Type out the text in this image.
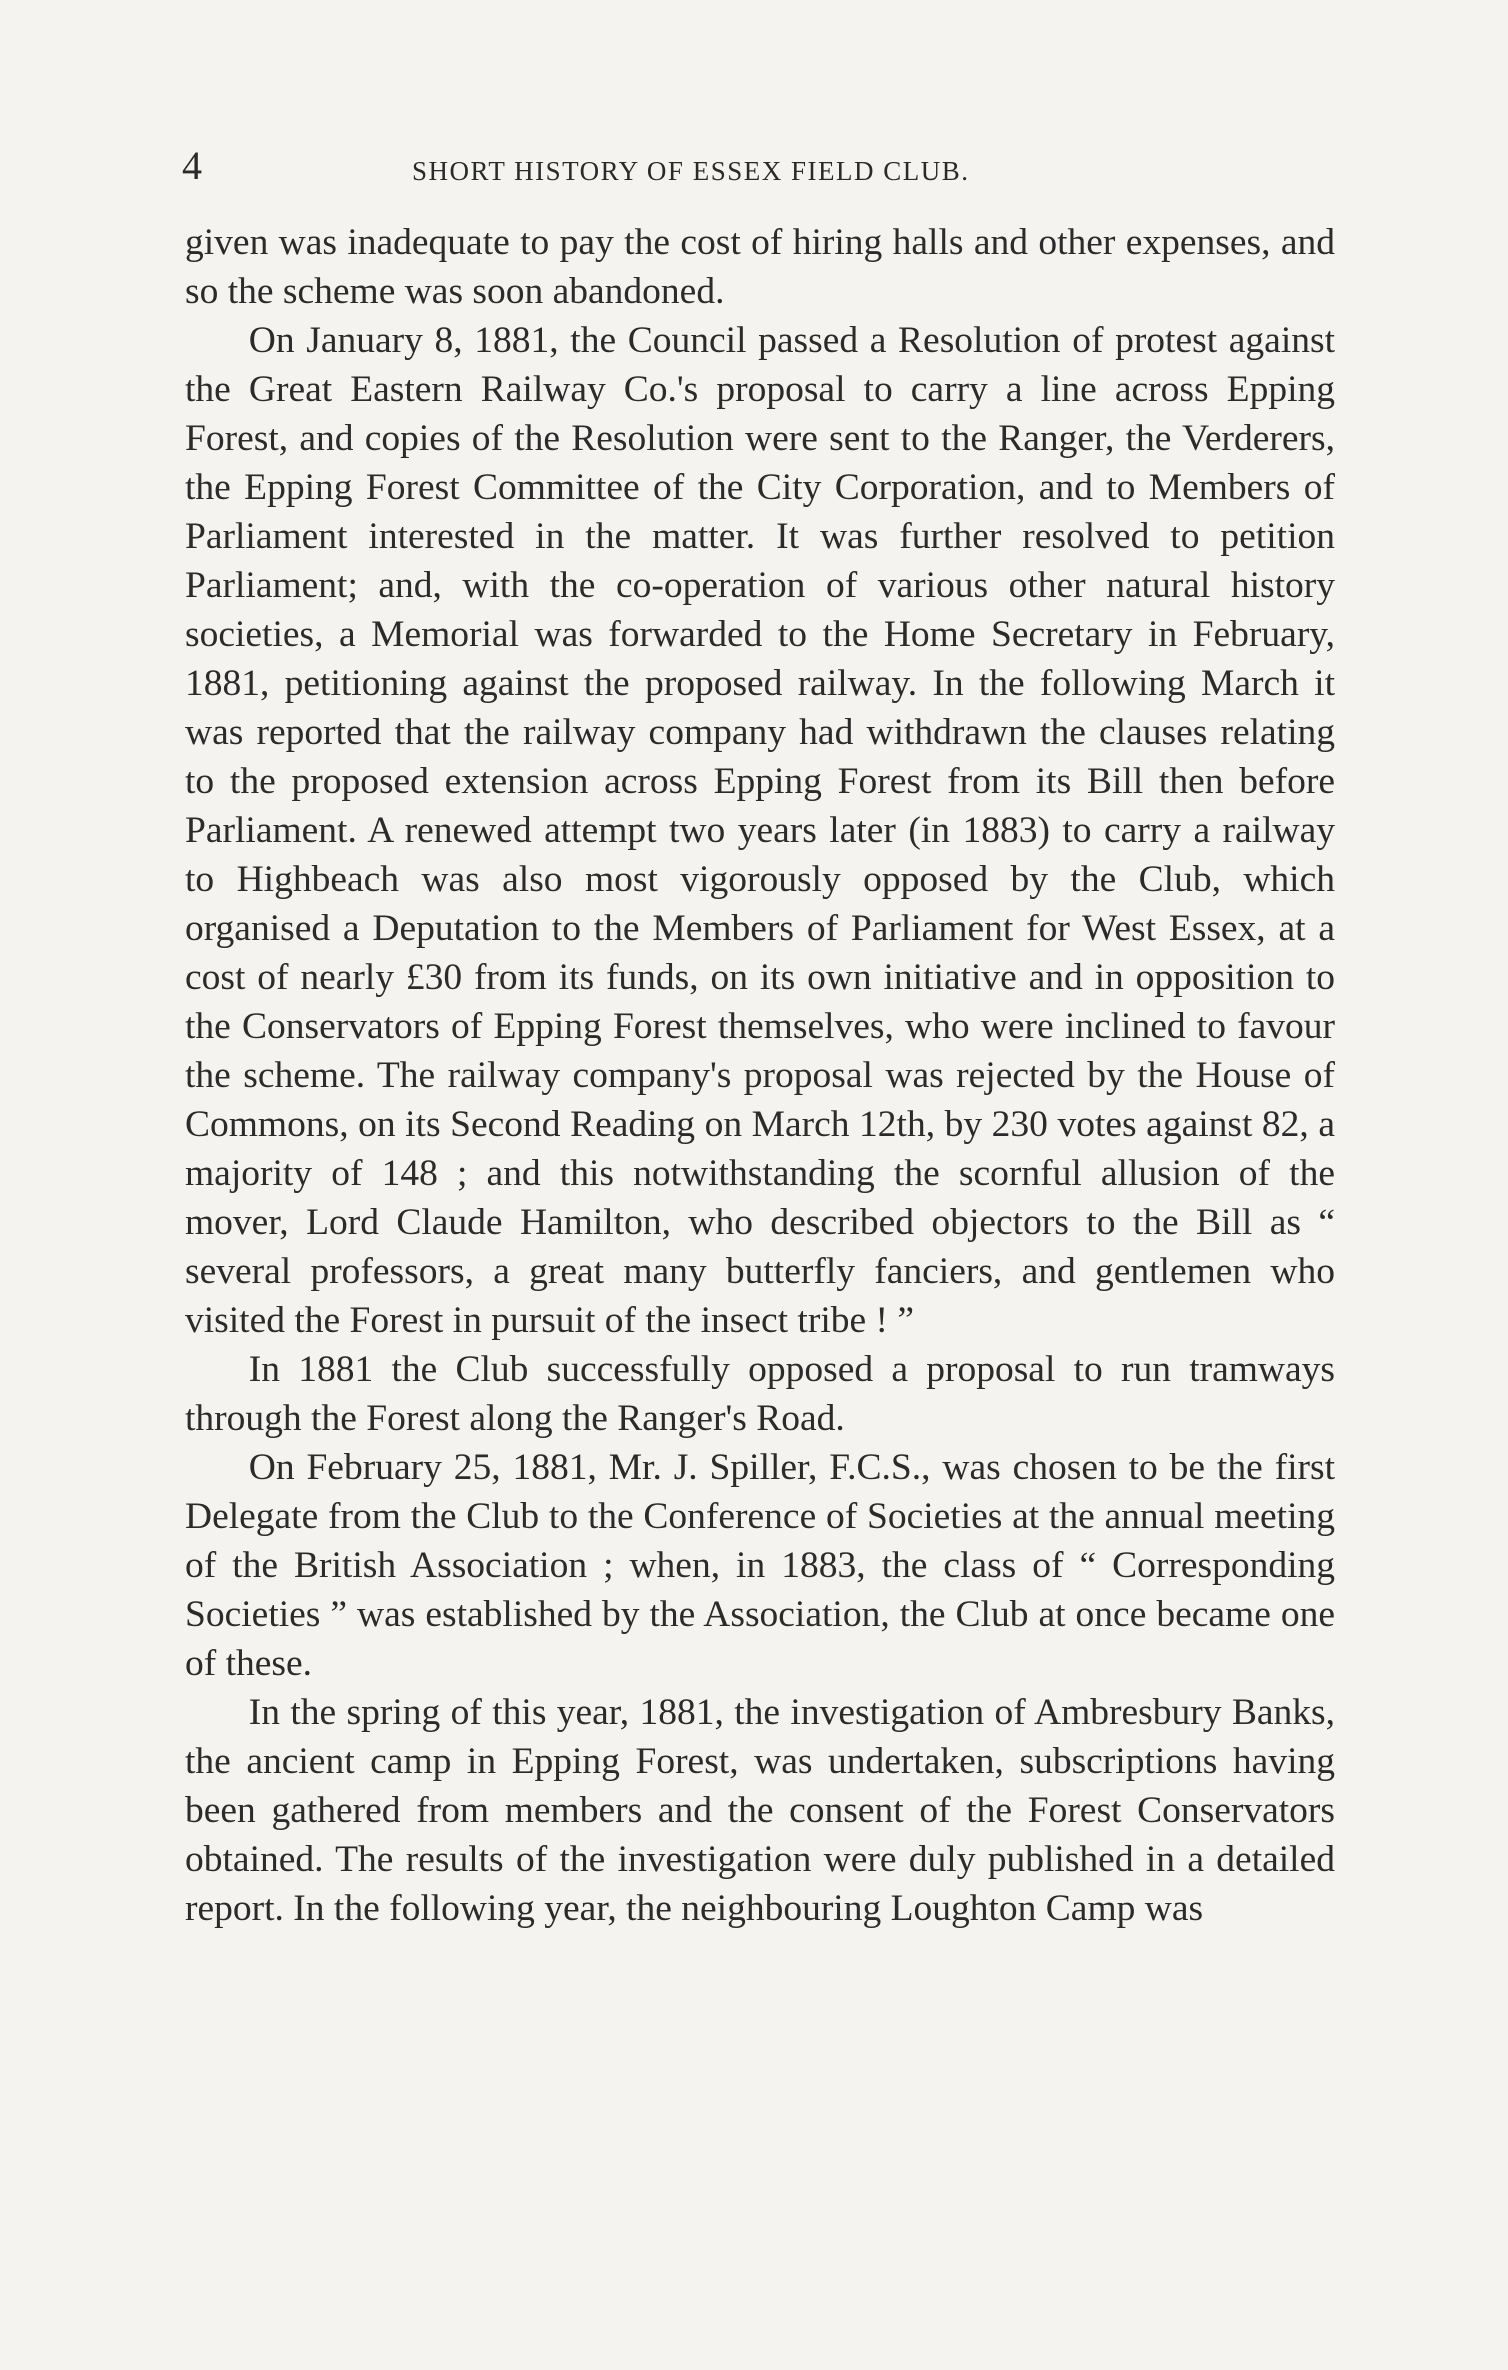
4	SHORT HISTORY OF ESSEX FIELD CLUB.

given was inadequate to pay the cost of hiring halls and other expenses, and so the scheme was soon abandoned.

On January 8, 1881, the Council passed a Resolution of protest against the Great Eastern Railway Co.'s proposal to carry a line across Epping Forest, and copies of the Resolution were sent to the Ranger, the Verderers, the Epping Forest Committee of the City Corporation, and to Members of Parliament interested in the matter. It was further resolved to petition Parliament; and, with the co-operation of various other natural history societies, a Memorial was forwarded to the Home Secretary in February, 1881, petitioning against the proposed railway. In the following March it was reported that the railway company had withdrawn the clauses relating to the proposed extension across Epping Forest from its Bill then before Parliament. A renewed attempt two years later (in 1883) to carry a railway to Highbeach was also most vigorously opposed by the Club, which organised a Deputation to the Members of Parliament for West Essex, at a cost of nearly £30 from its funds, on its own initiative and in opposition to the Conservators of Epping Forest themselves, who were inclined to favour the scheme. The railway company's proposal was rejected by the House of Commons, on its Second Reading on March 12th, by 230 votes against 82, a majority of 148 ; and this notwithstanding the scornful allusion of the mover, Lord Claude Hamilton, who described objectors to the Bill as “ several professors, a great many butterfly fanciers, and gentlemen who visited the Forest in pursuit of the insect tribe ! ”

In 1881 the Club successfully opposed a proposal to run tramways through the Forest along the Ranger's Road.

On February 25, 1881, Mr. J. Spiller, F.C.S., was chosen to be the first Delegate from the Club to the Conference of Societies at the annual meeting of the British Association ; when, in 1883, the class of “ Corresponding Societies ” was established by the Association, the Club at once became one of these.

In the spring of this year, 1881, the investigation of Ambresbury Banks, the ancient camp in Epping Forest, was undertaken, subscriptions having been gathered from members and the consent of the Forest Conservators obtained. The results of the investigation were duly published in a detailed report. In the following year, the neighbouring Loughton Camp was
